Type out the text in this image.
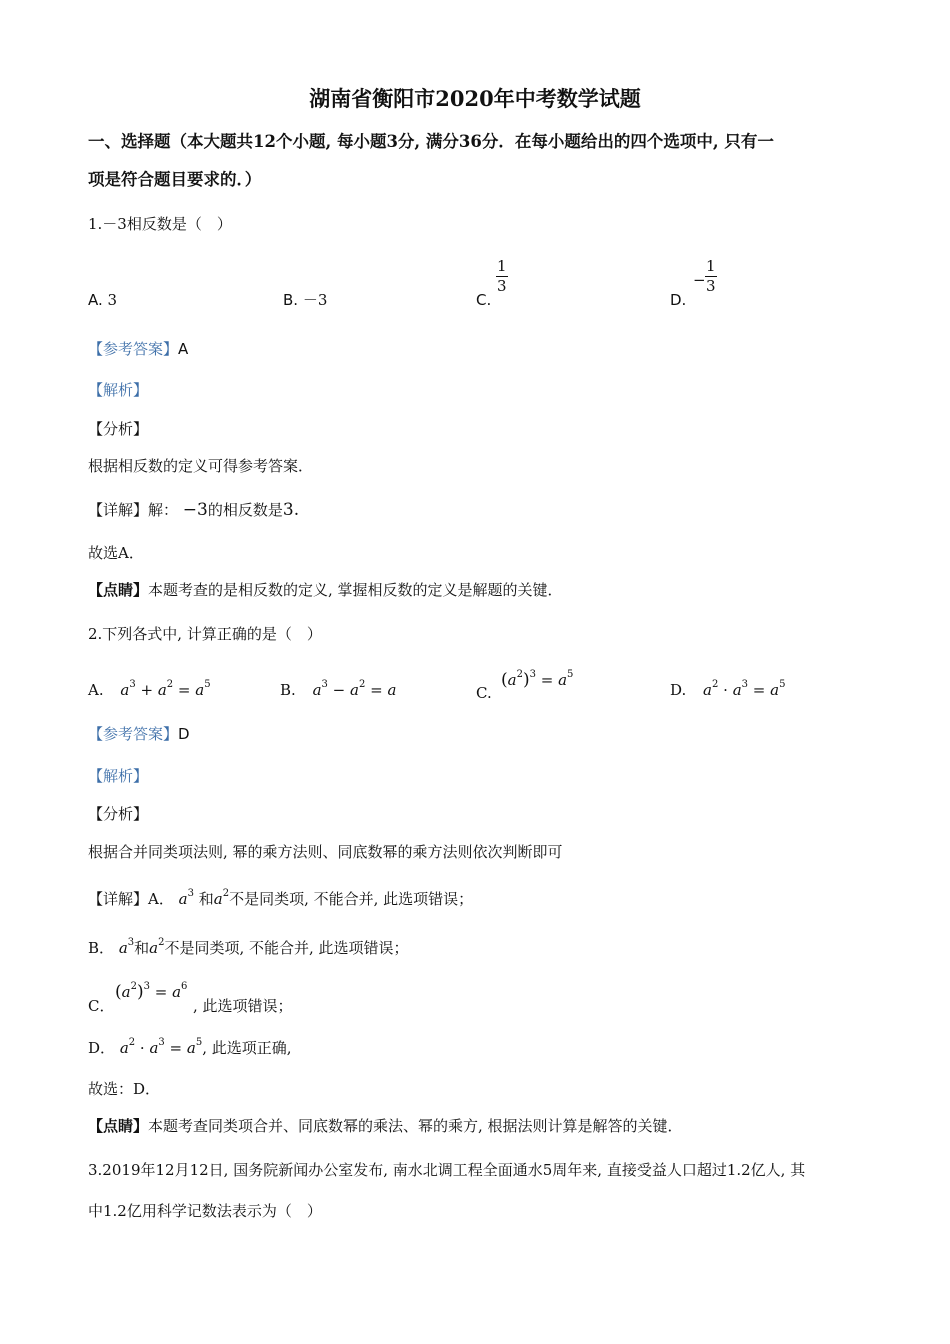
湖南省衡阳市2020年中考数学试题
一、选择题（本大题共12个小题, 每小题3分, 满分36分．在每小题给出的四个选项中, 只有一
项是符合题目要求的．）
1.－3相反数是（　）
A. 3	B. －3	C.
$\frac{1}{3}$
D.
− $\frac{1}{3}$
【参考答案】A
【解析】
【分析】
根据相反数的定义可得参考答案．
【详解】解： −3的相反数是3.
故选A．
【点睛】本题考查的是相反数的定义, 掌握相反数的定义是解题的关键．
2.下列各式中, 计算正确的是（　）
A. $a^3 + a^2 = a^5$	B. $a^3 - a^2 = a$	C.
$(a^2)^3 = a^5$
D. $a^2 \cdot a^3 = a^5$
【参考答案】D
【解析】
【分析】
根据合并同类项法则, 幂的乘方法则、同底数幂的乘方法则依次判断即可
【详解】A． $a^3$ 和$a^2$不是同类项, 不能合并, 此选项错误；
B． $a^3$和$a^2$不是同类项, 不能合并, 此选项错误；
C．
$(a^2)^3 = a^6$
, 此选项错误；
D． $a^2 \cdot a^3 = a^5$, 此选项正确,
故选：D．
【点睛】本题考查同类项合并、同底数幂的乘法、幂的乘方, 根据法则计算是解答的关键．
3.2019年12月12日, 国务院新闻办公室发布, 南水北调工程全面通水5周年来, 直接受益人口超过1.2亿人, 其
中1.2亿用科学记数法表示为（　）
